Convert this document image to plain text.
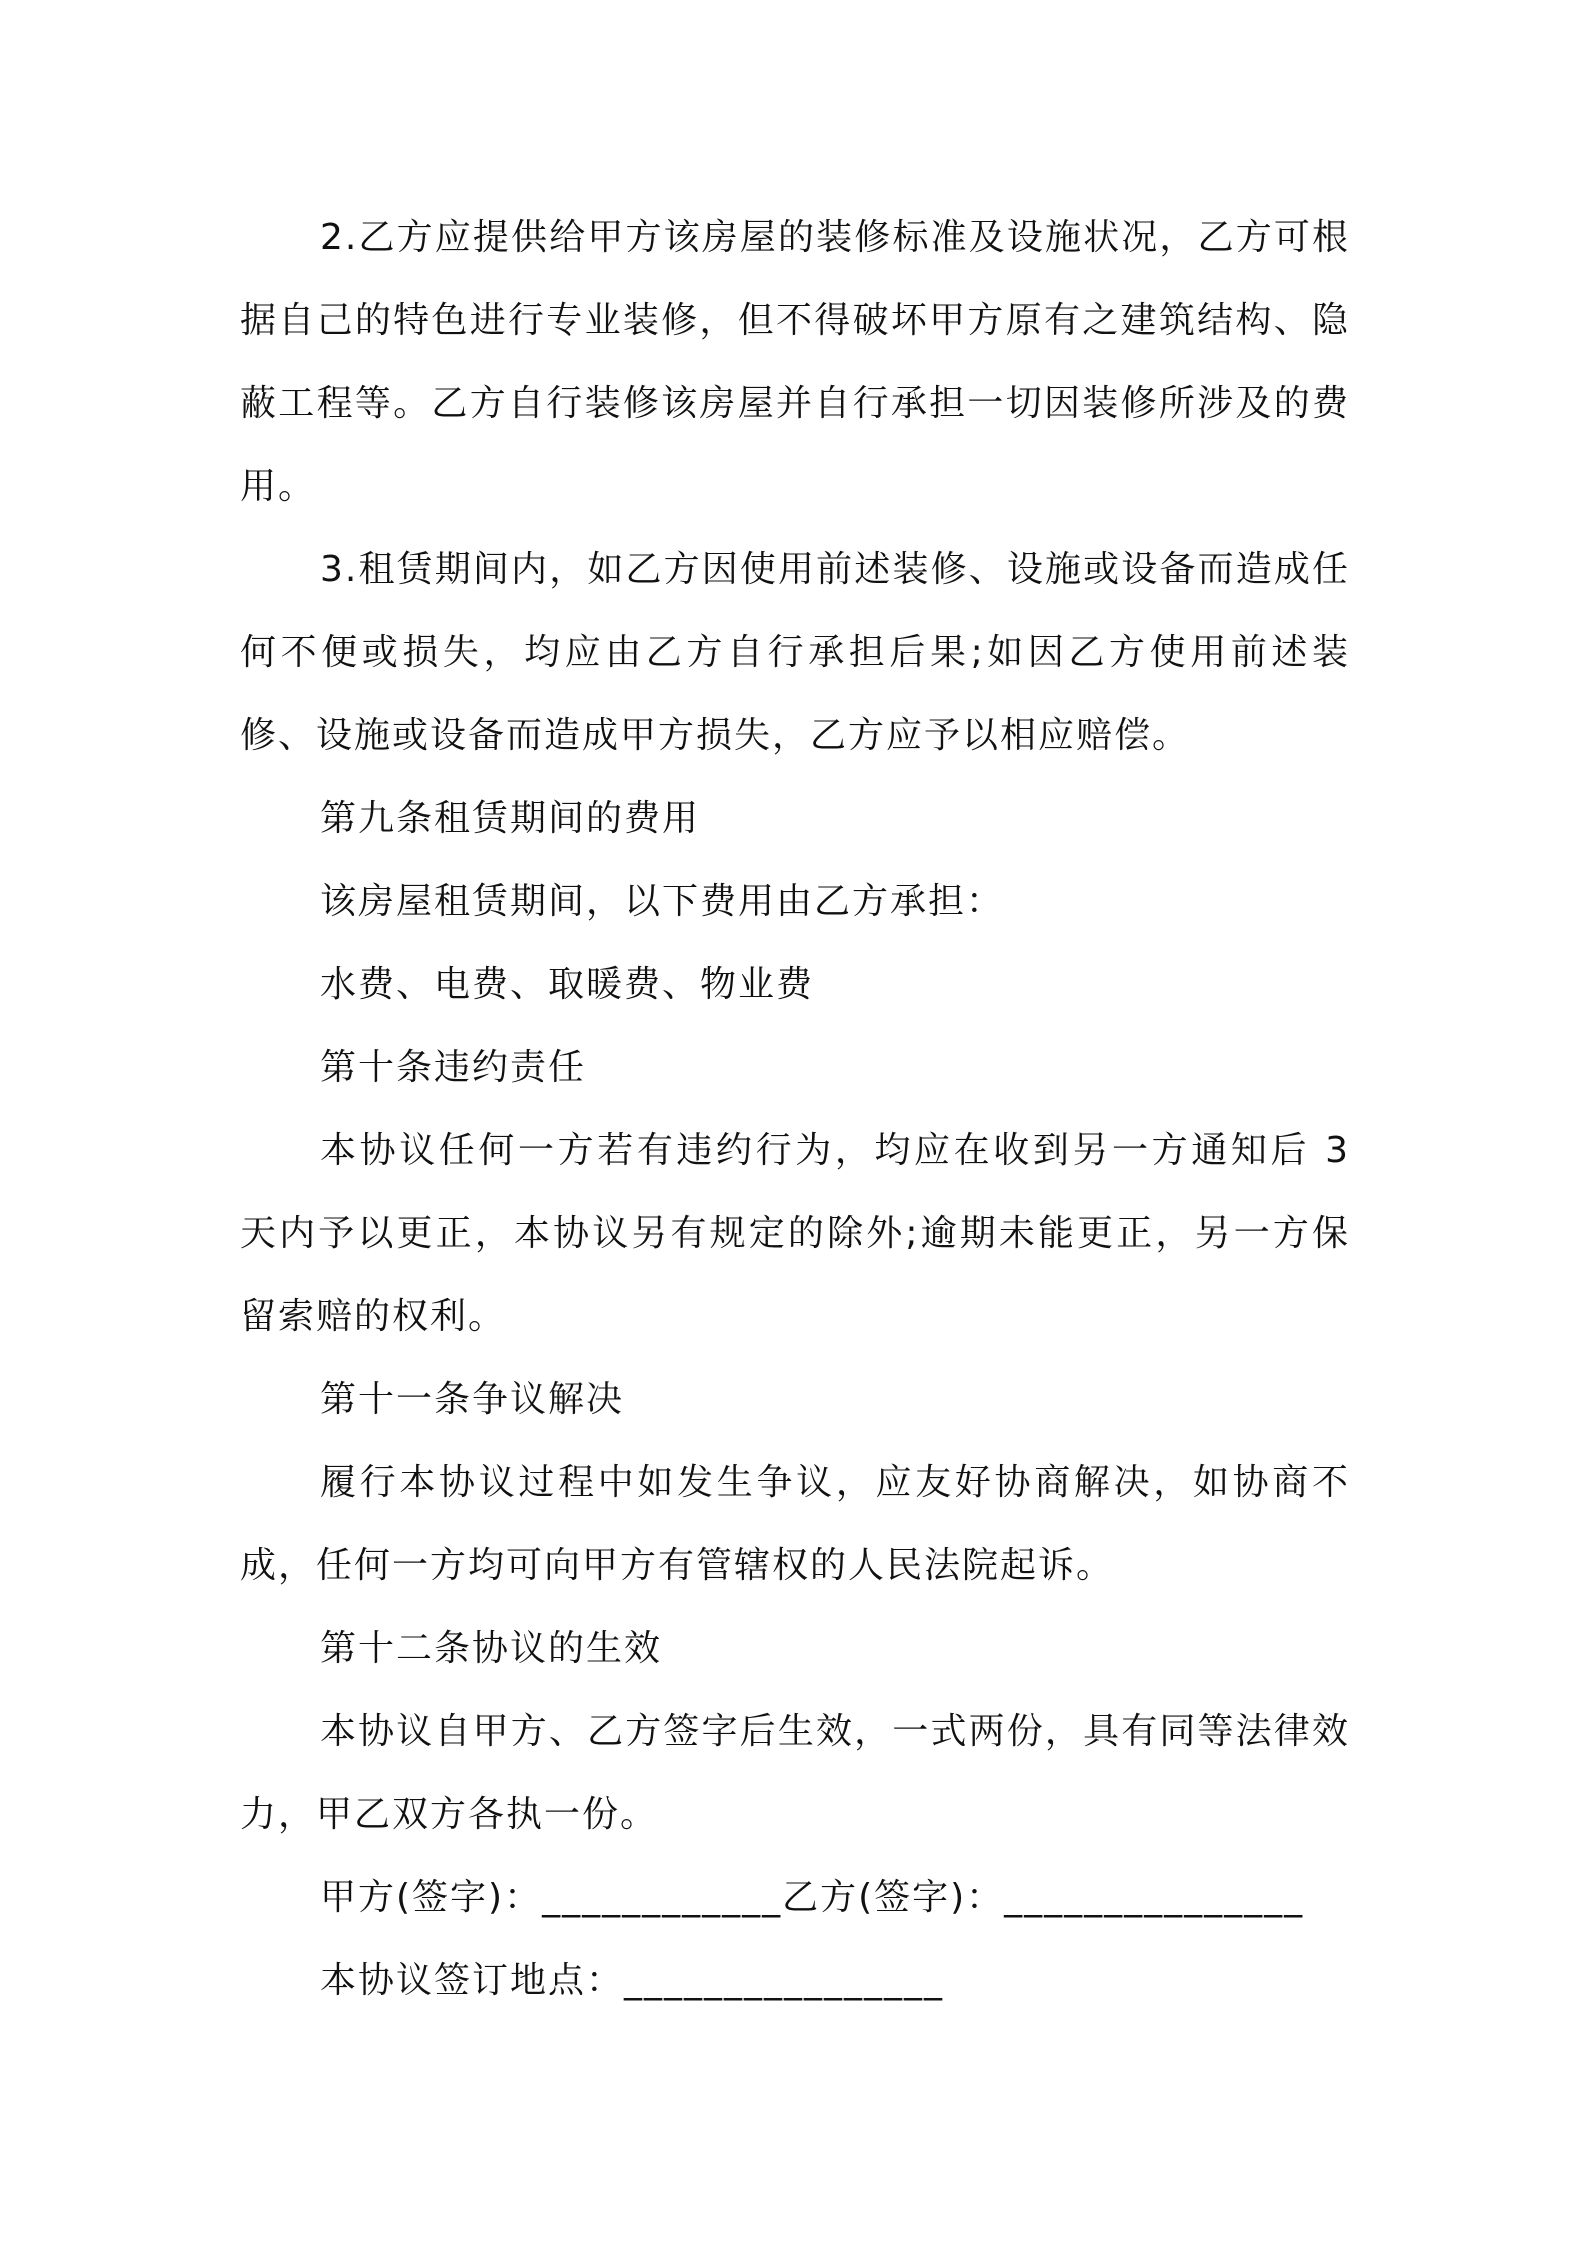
2.乙方应提供给甲方该房屋的装修标准及设施状况，乙方可根据自己的特色进行专业装修，但不得破坏甲方原有之建筑结构、隐蔽工程等。乙方自行装修该房屋并自行承担一切因装修所涉及的费用。

3.租赁期间内，如乙方因使用前述装修、设施或设备而造成任何不便或损失，均应由乙方自行承担后果;如因乙方使用前述装修、设施或设备而造成甲方损失，乙方应予以相应赔偿。

第九条租赁期间的费用

该房屋租赁期间，以下费用由乙方承担：

水费、电费、取暖费、物业费

第十条违约责任

本协议任何一方若有违约行为，均应在收到另一方通知后 3 天内予以更正，本协议另有规定的除外;逾期未能更正，另一方保留索赔的权利。

第十一条争议解决

履行本协议过程中如发生争议，应友好协商解决，如协商不成，任何一方均可向甲方有管辖权的人民法院起诉。

第十二条协议的生效

本协议自甲方、乙方签字后生效，一式两份，具有同等法律效力，甲乙双方各执一份。

甲方(签字)：____________乙方(签字)：_______________

本协议签订地点：________________
